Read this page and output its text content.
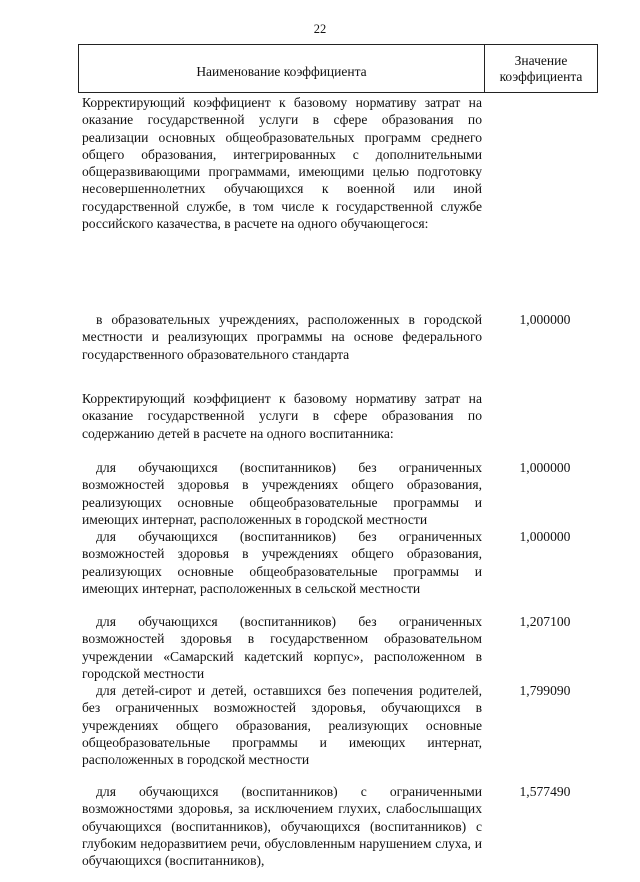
22
Наименование коэффициента
Значение
коэффициента
Корректирующий коэффициент к базовому нормативу затрат на оказание государственной услуги в сфере образования по реализации основных общеобразовательных программ среднего общего образования, интегрированных с дополнительными общеразвивающими программами, имеющими целью подготовку несовершеннолетних обучающихся к военной или иной государственной службе, в том числе к государственной службе российского казачества, в расчете на одного обучающегося:
в образовательных учреждениях, расположенных в городской местности и реализующих программы на основе федерального государственного образовательного стандарта
1,000000
Корректирующий коэффициент к базовому нормативу затрат на оказание государственной услуги в сфере образования по содержанию детей в расчете на одного воспитанника:
для обучающихся (воспитанников) без ограниченных возможностей здоровья в учреждениях общего образования, реализующих основные общеобразовательные программы и имеющих интернат, расположенных в городской местности
1,000000
для обучающихся (воспитанников) без ограниченных возможностей здоровья в учреждениях общего образования, реализующих основные общеобразовательные программы и имеющих интернат, расположенных в сельской местности
1,000000
для обучающихся (воспитанников) без ограниченных возможностей здоровья в государственном образовательном учреждении «Самарский кадетский корпус», расположенном в городской местности
1,207100
для детей-сирот и детей, оставшихся без попечения родителей, без ограниченных возможностей здоровья, обучающихся в учреждениях общего образования, реализующих основные общеобразовательные программы и имеющих интернат, расположенных в городской местности
1,799090
для обучающихся (воспитанников) с ограниченными возможностями здоровья, за исключением глухих, слабослышащих обучающихся (воспитанников), обучающихся (воспитанников) с глубоким недоразвитием речи, обусловленным нарушением слуха, и обучающихся (воспитанников),
1,577490
